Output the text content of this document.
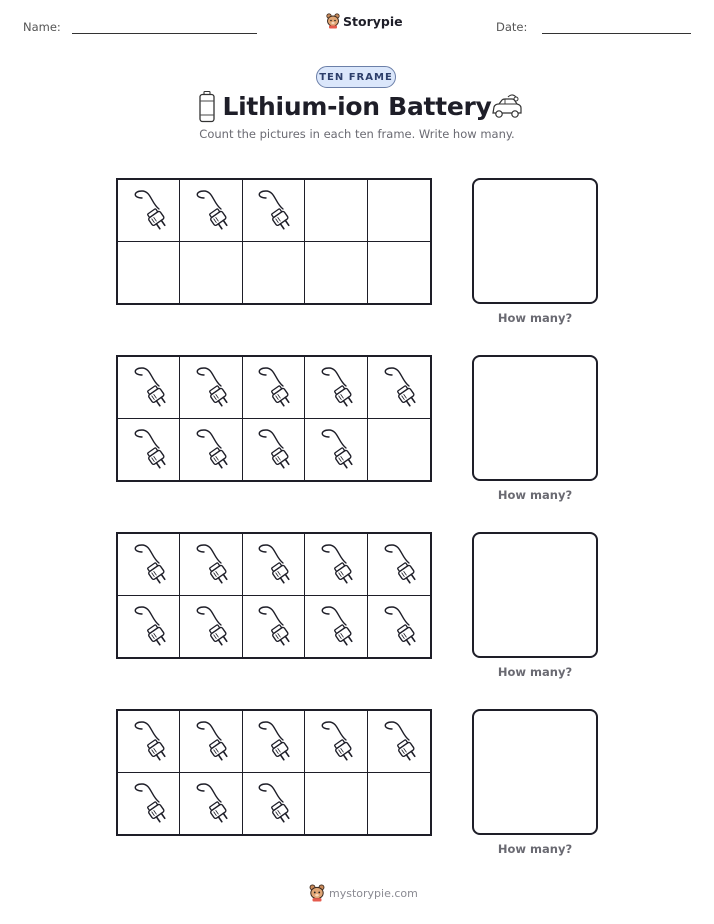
Name:	Storypie	Date:
TEN FRAME
Lithium-ion Battery
Count the pictures in each ten frame. Write how many.
How many?
How many?
How many?
How many?
mystorypie.com
